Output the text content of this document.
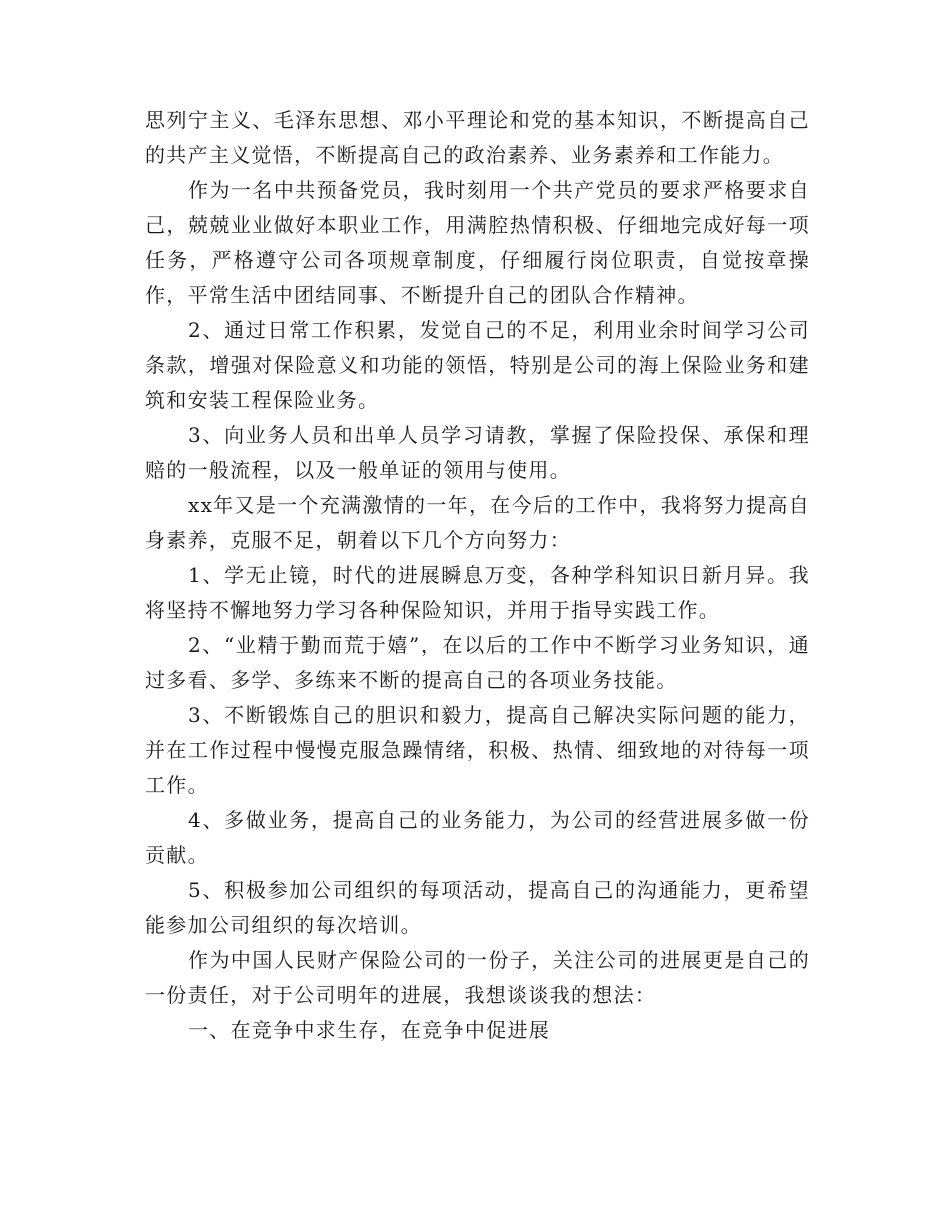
思列宁主义、毛泽东思想、邓小平理论和党的基本知识，不断提高自己的共产主义觉悟，不断提高自己的政治素养、业务素养和工作能力。

作为一名中共预备党员，我时刻用一个共产党员的要求严格要求自己，兢兢业业做好本职业工作，用满腔热情积极、仔细地完成好每一项任务，严格遵守公司各项规章制度，仔细履行岗位职责，自觉按章操作，平常生活中团结同事、不断提升自己的团队合作精神。

2、通过日常工作积累，发觉自己的不足，利用业余时间学习公司条款，增强对保险意义和功能的领悟，特别是公司的海上保险业务和建筑和安装工程保险业务。

3、向业务人员和出单人员学习请教，掌握了保险投保、承保和理赔的一般流程，以及一般单证的领用与使用。

xx年又是一个充满激情的一年，在今后的工作中，我将努力提高自身素养，克服不足，朝着以下几个方向努力：

1、学无止镜，时代的进展瞬息万变，各种学科知识日新月异。我将坚持不懈地努力学习各种保险知识，并用于指导实践工作。

2、“业精于勤而荒于嬉”，在以后的工作中不断学习业务知识，通过多看、多学、多练来不断的提高自己的各项业务技能。

3、不断锻炼自己的胆识和毅力，提高自己解决实际问题的能力，并在工作过程中慢慢克服急躁情绪，积极、热情、细致地的对待每一项工作。

4、多做业务，提高自己的业务能力，为公司的经营进展多做一份贡献。

5、积极参加公司组织的每项活动，提高自己的沟通能力，更希望能参加公司组织的每次培训。

作为中国人民财产保险公司的一份子，关注公司的进展更是自己的一份责任，对于公司明年的进展，我想谈谈我的想法：

一、在竞争中求生存，在竞争中促进展
